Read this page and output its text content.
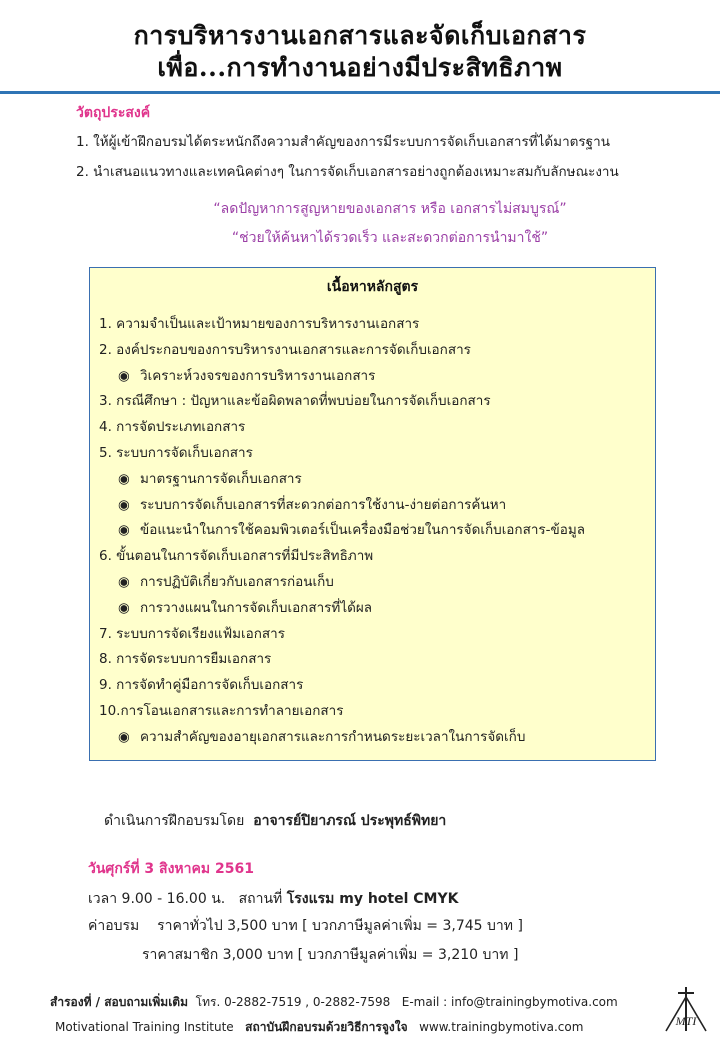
การบริหารงานเอกสารและจัดเก็บเอกสาร
เพื่อ...การทำงานอย่างมีประสิทธิภาพ
วัตถุประสงค์
1. ให้ผู้เข้าฝึกอบรมได้ตระหนักถึงความสำคัญของการมีระบบการจัดเก็บเอกสารที่ได้มาตรฐาน
2. นำเสนอแนวทางและเทคนิคต่างๆ ในการจัดเก็บเอกสารอย่างถูกต้องเหมาะสมกับลักษณะงาน
“ลดปัญหาการสูญหายของเอกสาร หรือ เอกสารไม่สมบูรณ์”
“ช่วยให้ค้นหาได้รวดเร็ว และสะดวกต่อการนำมาใช้”
เนื้อหาหลักสูตร
1. ความจำเป็นและเป้าหมายของการบริหารงานเอกสาร
2. องค์ประกอบของการบริหารงานเอกสารและการจัดเก็บเอกสาร
◉ วิเคราะห์วงจรของการบริหารงานเอกสาร
3. กรณีศึกษา : ปัญหาและข้อผิดพลาดที่พบบ่อยในการจัดเก็บเอกสาร
4. การจัดประเภทเอกสาร
5. ระบบการจัดเก็บเอกสาร
◉ มาตรฐานการจัดเก็บเอกสาร
◉ ระบบการจัดเก็บเอกสารที่สะดวกต่อการใช้งาน-ง่ายต่อการค้นหา
◉ ข้อแนะนำในการใช้คอมพิวเตอร์เป็นเครื่องมือช่วยในการจัดเก็บเอกสาร-ข้อมูล
6. ขั้นตอนในการจัดเก็บเอกสารที่มีประสิทธิภาพ
◉ การปฏิบัติเกี่ยวกับเอกสารก่อนเก็บ
◉ การวางแผนในการจัดเก็บเอกสารที่ได้ผล
7. ระบบการจัดเรียงแฟ้มเอกสาร
8. การจัดระบบการยืมเอกสาร
9. การจัดทำคู่มือการจัดเก็บเอกสาร
10.การโอนเอกสารและการทำลายเอกสาร
◉ ความสำคัญของอายุเอกสารและการกำหนดระยะเวลาในการจัดเก็บ
ดำเนินการฝึกอบรมโดย อาจารย์ปิยาภรณ์ ประพุทธ์พิทยา
วันศุกร์ที่ 3 สิงหาคม 2561
เวลา 9.00 - 16.00 น. สถานที่ โรงแรม my hotel CMYK
ค่าอบรม ราคาทั่วไป 3,500 บาท [ บวกภาษีมูลค่าเพิ่ม = 3,745 บาท ]
ราคาสมาชิก 3,000 บาท [ บวกภาษีมูลค่าเพิ่ม = 3,210 บาท ]
สำรองที่ / สอบถามเพิ่มเติม โทร. 0-2882-7519 , 0-2882-7598 E-mail : info@trainingbymotiva.com
Motivational Training Institute สถาบันฝึกอบรมด้วยวิธีการจูงใจ www.trainingbymotiva.com	MTI
